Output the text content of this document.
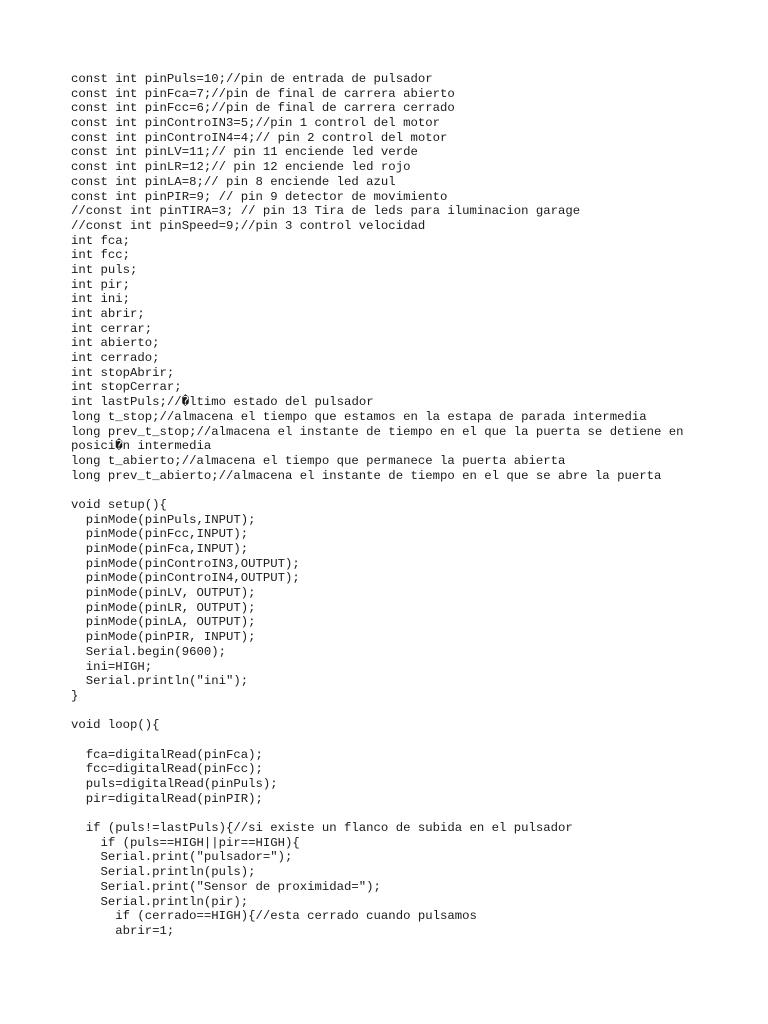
const int pinPuls=10;//pin de entrada de pulsador
const int pinFca=7;//pin de final de carrera abierto
const int pinFcc=6;//pin de final de carrera cerrado
const int pinControIN3=5;//pin 1 control del motor
const int pinControIN4=4;// pin 2 control del motor
const int pinLV=11;// pin 11 enciende led verde
const int pinLR=12;// pin 12 enciende led rojo
const int pinLA=8;// pin 8 enciende led azul
const int pinPIR=9; // pin 9 detector de movimiento
//const int pinTIRA=3; // pin 13 Tira de leds para iluminacion garage
//const int pinSpeed=9;//pin 3 control velocidad
int fca;
int fcc;
int puls;
int pir;
int ini;
int abrir;
int cerrar;
int abierto;
int cerrado;
int stopAbrir;
int stopCerrar;
int lastPuls;//�ltimo estado del pulsador
long t_stop;//almacena el tiempo que estamos en la estapa de parada intermedia
long prev_t_stop;//almacena el instante de tiempo en el que la puerta se detiene en
posici�n intermedia
long t_abierto;//almacena el tiempo que permanece la puerta abierta
long prev_t_abierto;//almacena el instante de tiempo en el que se abre la puerta
void setup(){
pinMode(pinPuls,INPUT);
pinMode(pinFcc,INPUT);
pinMode(pinFca,INPUT);
pinMode(pinControIN3,OUTPUT);
pinMode(pinControIN4,OUTPUT);
pinMode(pinLV, OUTPUT);
pinMode(pinLR, OUTPUT);
pinMode(pinLA, OUTPUT);
pinMode(pinPIR, INPUT);
Serial.begin(9600);
ini=HIGH;
Serial.println("ini");
}
void loop(){
fca=digitalRead(pinFca);
fcc=digitalRead(pinFcc);
puls=digitalRead(pinPuls);
pir=digitalRead(pinPIR);
if (puls!=lastPuls){//si existe un flanco de subida en el pulsador
if (puls==HIGH||pir==HIGH){
Serial.print("pulsador=");
Serial.println(puls);
Serial.print("Sensor de proximidad=");
Serial.println(pir);
if (cerrado==HIGH){//esta cerrado cuando pulsamos
abrir=1;
